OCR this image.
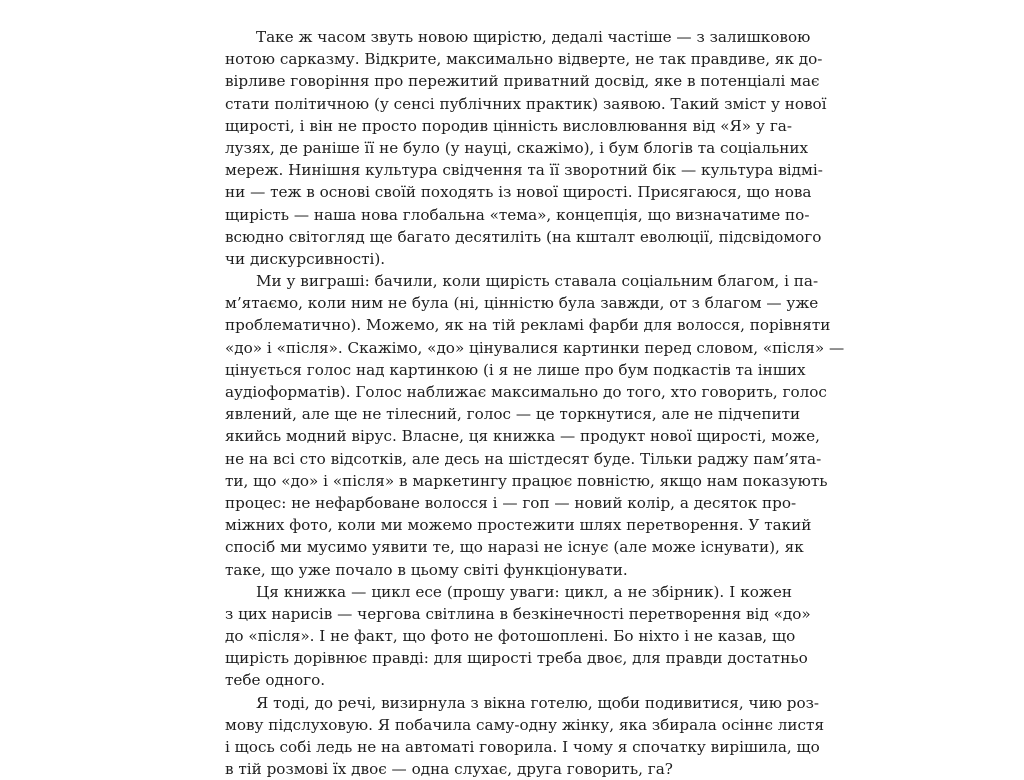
Таке ж часом звуть новою щирістю, дедалі частіше — з залишковою
нотою сарказму. Відкрите, максимально відверте, не так правдиве, як до-
вірливе говоріння про пережитий приватний досвід, яке в потенціалі має
стати політичною (у сенсі публічних практик) заявою. Такий зміст у нової
щирості, і він не просто породив цінність висловлювання від «Я» у га-
лузях, де раніше її не було (у науці, скажімо), і бум блогів та соціальних
мереж. Нинішня культура свідчення та її зворотний бік — культура відмі-
ни — теж в основі своїй походять із нової щирості. Присягаюся, що нова
щирість — наша нова глобальна «тема», концепція, що визначатиме по-
всюдно світогляд ще багато десятиліть (на кшталт еволюції, підсвідомого
чи дискурсивності).
Ми у виграші: бачили, коли щирість ставала соціальним благом, і па-
м’ятаємо, коли ним не була (ні, цінністю була завжди, от з благом — уже
проблематично). Можемо, як на тій рекламі фарби для волосся, порівняти
«до» і «після». Скажімо, «до» цінувалися картинки перед словом, «після» —
цінується голос над картинкою (і я не лише про бум подкастів та інших
аудіоформатів). Голос наближає максимально до того, хто говорить, голос
явлений, але ще не тілесний, голос — це торкнутися, але не підчепити
якийсь модний вірус. Власне, ця книжка — продукт нової щирості, може,
не на всі сто відсотків, але десь на шістдесят буде. Тільки раджу пам’ята-
ти, що «до» і «після» в маркетингу працює повністю, якщо нам показують
процес: не нефарбоване волосся і — гоп — новий колір, а десяток про-
міжних фото, коли ми можемо простежити шлях перетворення. У такий
спосіб ми мусимо уявити те, що наразі не існує (але може існувати), як
таке, що уже почало в цьому світі функціонувати.
Ця книжка — цикл есе (прошу уваги: цикл, а не збірник). І кожен
з цих нарисів — чергова світлина в безкінечності перетворення від «до»
до «після». І не факт, що фото не фотошоплені. Бо ніхто і не казав, що
щирість дорівнює правді: для щирості треба двоє, для правди достатньо
тебе одного.
Я тоді, до речі, визирнула з вікна готелю, щоби подивитися, чию роз-
мову підслуховую. Я побачила саму-одну жінку, яка збирала осіннє листя
і щось собі ледь не на автоматі говорила. І чому я спочатку вирішила, що
в тій розмові їх двоє — одна слухає, друга говорить, га?
